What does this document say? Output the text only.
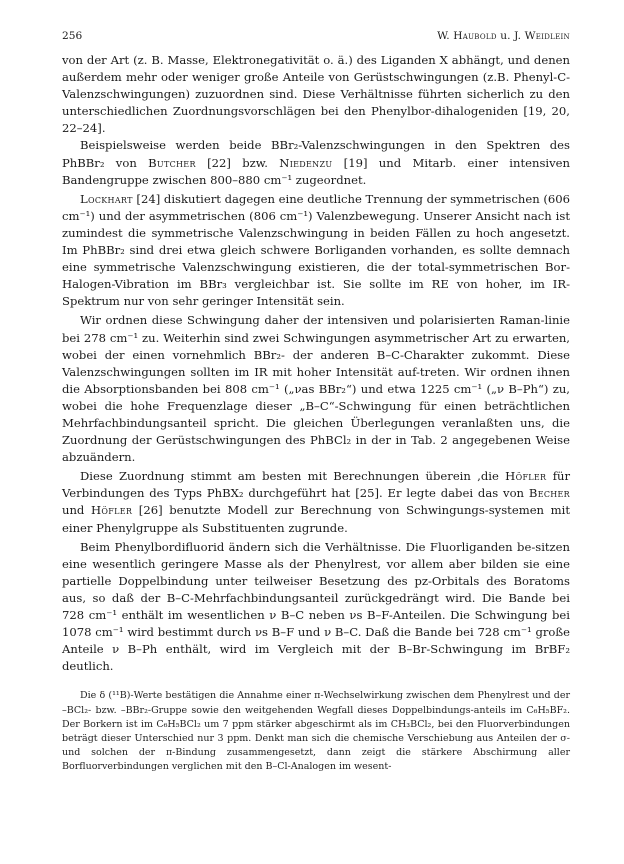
256	W. Haubold u. J. Weidlein

von der Art (z. B. Masse, Elektronegativität o. ä.) des Liganden X abhängt, und denen außerdem mehr oder weniger große Anteile von Gerüstschwingungen (z.B. Phenyl-C-Valenzschwingungen) zuzuordnen sind. Diese Verhältnisse führten sicherlich zu den unterschiedlichen Zuordnungsvorschlägen bei den Phenylbor-dihalogeniden [19, 20, 22–24].

Beispielsweise werden beide BBr₂-Valenzschwingungen in den Spektren des PhBBr₂ von Butcher [22] bzw. Niedenzu [19] und Mitarb. einer intensiven Bandengruppe zwischen 800–880 cm⁻¹ zugeordnet.

Lockhart [24] diskutiert dagegen eine deutliche Trennung der symmetrischen (606 cm⁻¹) und der asymmetrischen (806 cm⁻¹) Valenzbewegung. Unserer Ansicht nach ist zumindest die symmetrische Valenzschwingung in beiden Fällen zu hoch angesetzt. Im PhBBr₂ sind drei etwa gleich schwere Borliganden vorhanden, es sollte demnach eine symmetrische Valenzschwingung existieren, die der total-symmetrischen Bor-Halogen-Vibration im BBr₃ vergleichbar ist. Sie sollte im RE von hoher, im IR-Spektrum nur von sehr geringer Intensität sein.

Wir ordnen diese Schwingung daher der intensiven und polarisierten Raman-linie bei 278 cm⁻¹ zu. Weiterhin sind zwei Schwingungen asymmetrischer Art zu erwarten, wobei der einen vornehmlich BBr₂- der anderen B–C-Charakter zukommt. Diese Valenzschwingungen sollten im IR mit hoher Intensität auf-treten. Wir ordnen ihnen die Absorptionsbanden bei 808 cm⁻¹ („νas BBr₂“) und etwa 1225 cm⁻¹ („ν B–Ph“) zu, wobei die hohe Frequenzlage dieser „B–C“-Schwingung für einen beträchtlichen Mehrfachbindungsanteil spricht. Die gleichen Überlegungen veranlaßten uns, die Zuordnung der Gerüstschwingungen des PhBCl₂ in der in Tab. 2 angegebenen Weise abzuändern.

Diese Zuordnung stimmt am besten mit Berechnungen überein ‚die Höfler für Verbindungen des Typs PhBX₂ durchgeführt hat [25]. Er legte dabei das von Becher und Höfler [26] benutzte Modell zur Berechnung von Schwingungs-systemen mit einer Phenylgruppe als Substituenten zugrunde.

Beim Phenylbordifluorid ändern sich die Verhältnisse. Die Fluorliganden be-sitzen eine wesentlich geringere Masse als der Phenylrest, vor allem aber bilden sie eine partielle Doppelbindung unter teilweiser Besetzung des pz-Orbitals des Boratoms aus, so daß der B–C-Mehrfachbindungsanteil zurückgedrängt wird. Die Bande bei 728 cm⁻¹ enthält im wesentlichen ν B–C neben νs B–F-Anteilen. Die Schwingung bei 1078 cm⁻¹ wird bestimmt durch νs B–F und ν B–C. Daß die Bande bei 728 cm⁻¹ große Anteile ν B–Ph enthält, wird im Vergleich mit der B–Br-Schwingung im BrBF₂ deutlich.

Die δ (¹¹B)-Werte bestätigen die Annahme einer π-Wechselwirkung zwischen dem Phenylrest und der –BCl₂- bzw. –BBr₂-Gruppe sowie den weitgehenden Wegfall dieses Doppelbindungs-anteils im C₆H₅BF₂. Der Borkern ist im C₆H₅BCl₂ um 7 ppm stärker abgeschirmt als im CH₃BCl₂, bei den Fluorverbindungen beträgt dieser Unterschied nur 3 ppm. Denkt man sich die chemische Verschiebung aus Anteilen der σ- und solchen der π-Bindung zusammengesetzt, dann zeigt die stärkere Abschirmung aller Borfluorverbindungen verglichen mit den B–Cl-Analogen im wesent-
